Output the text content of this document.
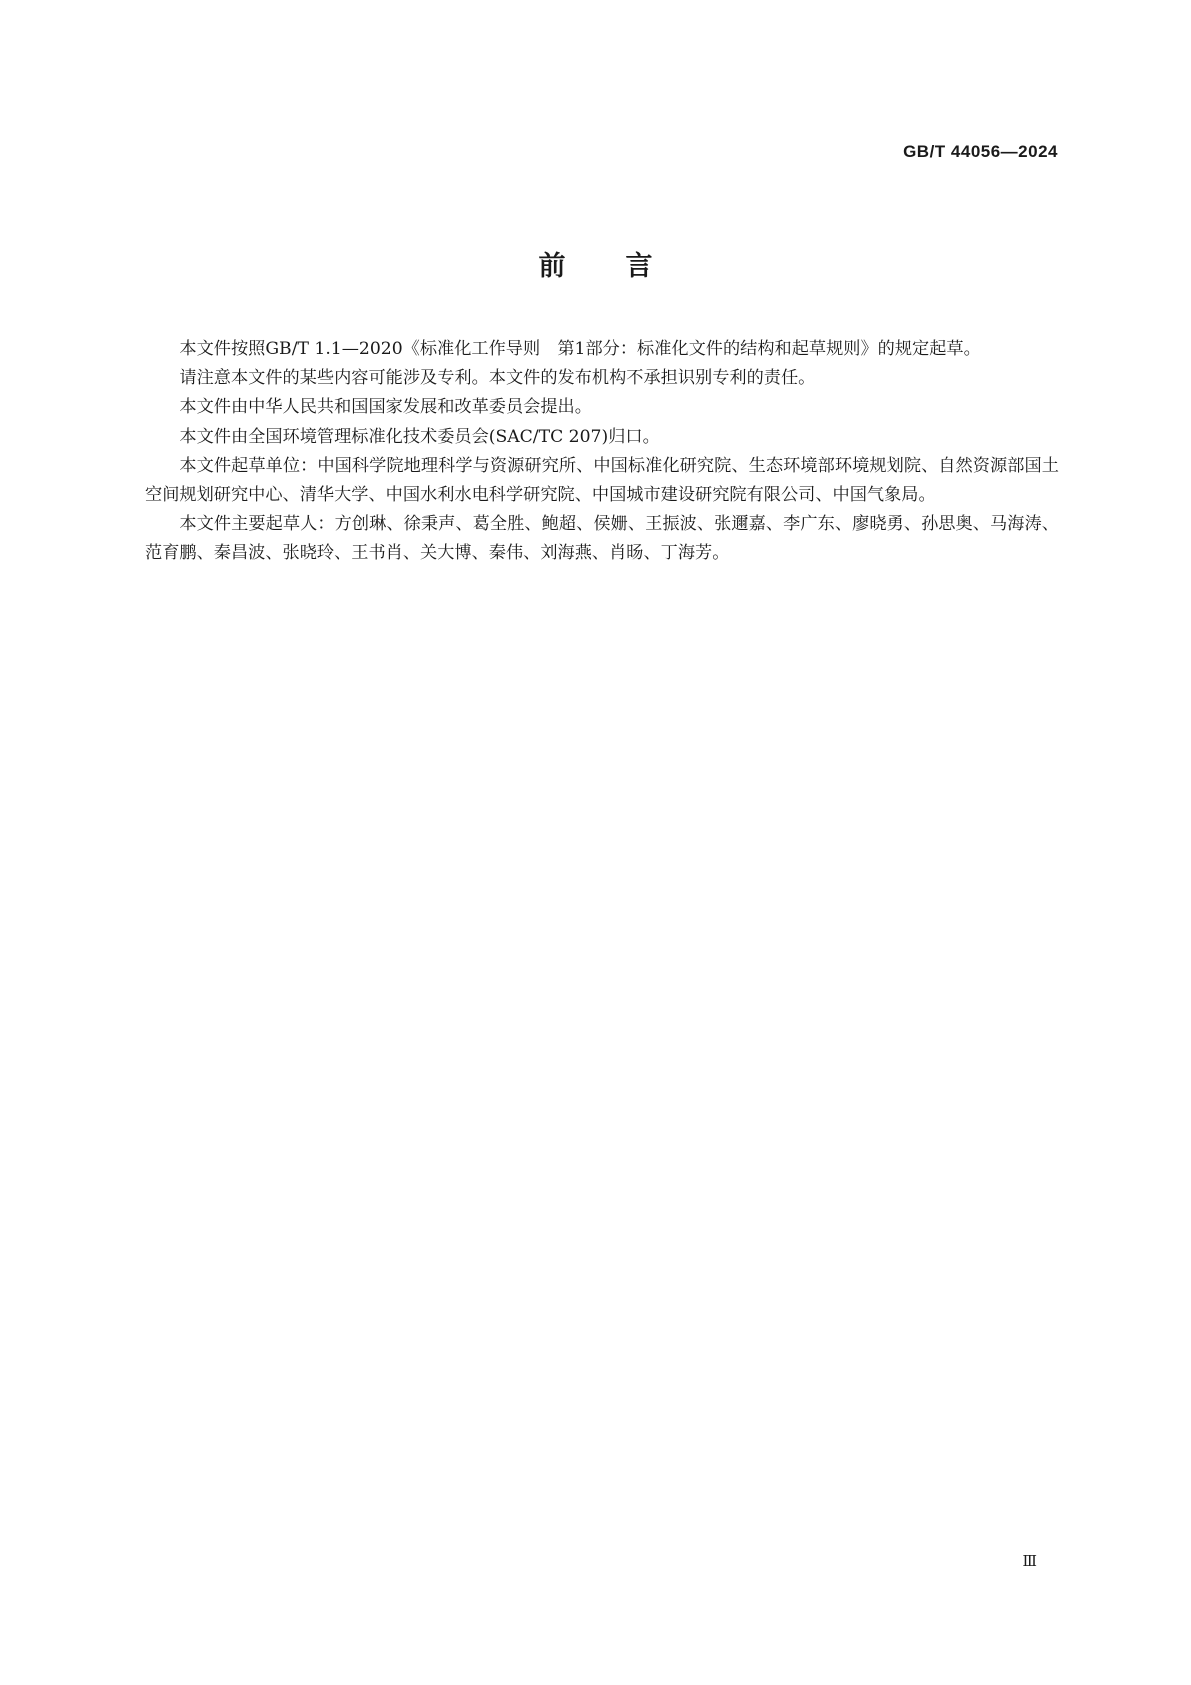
GB/T 44056—2024
前言

本文件按照GB/T 1.1—2020《标准化工作导则　第1部分：标准化文件的结构和起草规则》的规定起草。

请注意本文件的某些内容可能涉及专利。本文件的发布机构不承担识别专利的责任。

本文件由中华人民共和国国家发展和改革委员会提出。

本文件由全国环境管理标准化技术委员会(SAC/TC 207)归口。

本文件起草单位：中国科学院地理科学与资源研究所、中国标准化研究院、生态环境部环境规划院、自然资源部国土空间规划研究中心、清华大学、中国水利水电科学研究院、中国城市建设研究院有限公司、中国气象局。

本文件主要起草人：方创琳、徐秉声、葛全胜、鲍超、侯姗、王振波、张邇嘉、李广东、廖晓勇、孙思奥、马海涛、范育鹏、秦昌波、张晓玲、王书肖、关大博、秦伟、刘海燕、肖旸、丁海芳。

Ⅲ
